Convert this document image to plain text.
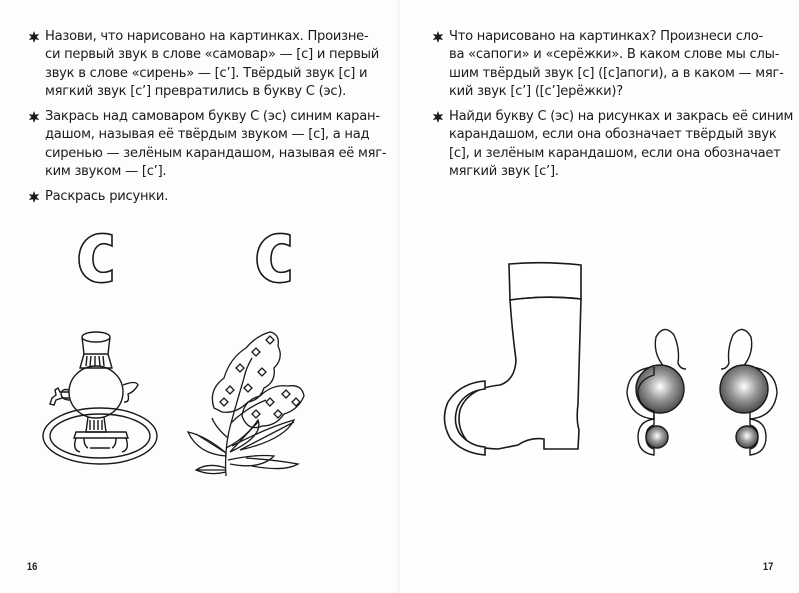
Назови, что нарисовано на картинках. Произне-
си первый звук в слове «самовар» — [с] и первый
звук в слове «сирень» — [с’]. Твёрдый звук [с] и
мягкий звук [с’] превратились в букву С (эс).
Закрась над самоваром букву С (эс) синим каран-
дашом, называя её твёрдым звуком — [с], а над
сиренью — зелёным карандашом, называя её мяг-
ким звуком — [с’].
Раскрась рисунки.
16
Что нарисовано на картинках? Произнеси сло-
ва «сапоги» и «серёжки». В каком слове мы слы-
шим твёрдый звук [с] ([с]апоги), а в каком — мяг-
кий звук [с’] ([с’]ерёжки)?
Найди букву С (эс) на рисунках и закрась её синим
карандашом, если она обозначает твёрдый звук
[с], и зелёным карандашом, если она обозначает
мягкий звук [с’].
17
